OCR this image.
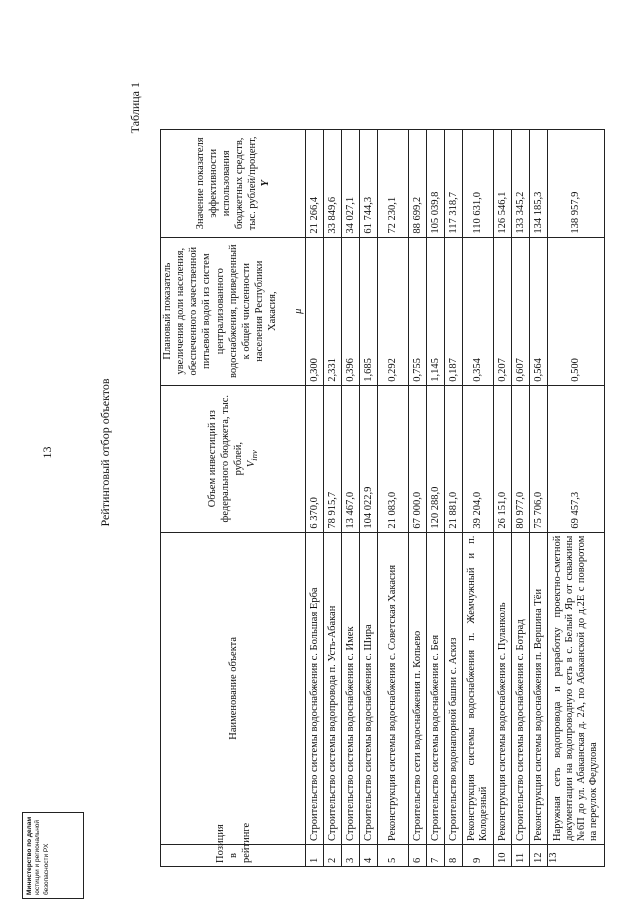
13
Таблица 1
Рейтинговый отбор объектов
Позиция в рейтинге	Наименование объекта	Объем инвестиций из федерального бюджета, тыс. рублей, $V_{inv}$	Плановый показатель увеличения доли населения, обеспеченного качественной питьевой водой из систем централизованного водоснабжения, приведенный к общей численности населения Республики Хакасия, μ	Значение показателя эффективности использования бюджетных средств, тыс. рублей/процент, Y
1	Строительство системы водоснабжения с. Большая Ерба	6 370,0	0,300	21 266,4
2	Строительство системы водопровода п. Усть-Абакан	78 915,7	2,331	33 849,6
3	Строительство системы водоснабжения с. Имек	13 467,0	0,396	34 027,1
4	Строительство системы водоснабжения с. Шира	104 022,9	1,685	61 744,3
5	Реконструкция системы водоснабжения с. Советская Хакасия	21 083,0	0,292	72 230,1
6	Строительство сети водоснабжения п. Копьево	67 000,0	0,755	88 699,2
7	Строительство системы водоснабжения с. Бея	120 288,0	1,145	105 039,8
8	Строительство водонапорной башни с. Аскиз	21 881,0	0,187	117 318,7
9	Реконструкция системы водоснабжения п. Жемчужный и п. Колодезный	39 204,0	0,354	110 631,0
10	Реконструкция системы водоснабжения с. Пуланколь	26 151,0	0,207	126 546,1
11	Строительство системы водоснабжения с. Ботрад	80 977,0	0,607	133 345,2
12	Реконструкция системы водоснабжения п. Вершина Тёи	75 706,0	0,564	134 185,3
13	Наружная сеть водопровода и разработку проектно-сметной документации на водопроводную сеть в с. Белый Яр от скважины №6П до ул. Абаканская д. 2А, по Абаканской до д.2Е с поворотом на переулок Федулова	69 457,3	0,500	138 957,9
Министерство по делам юстиции и региональной безопасности РХ
